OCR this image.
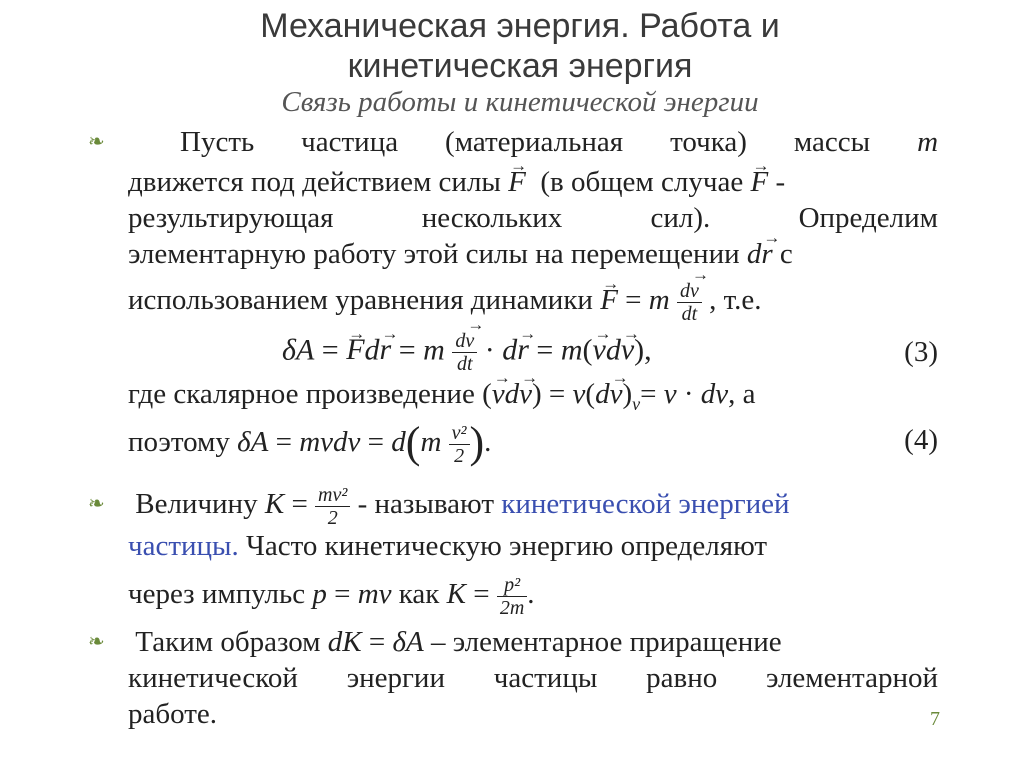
Механическая энергия. Работа и
кинетическая энергия
Связь работы и кинетической энергии
❧	Пусть частица (материальная точка) массы m
движется под действием силы → F (в общем случае → F -
результирующая нескольких сил). Определим
элементарную работу этой силы на перемещении d→ r с
использованием уравнения динамики → F = m $\frac{d\to v}{dt}$ , т.е.
δA = → Fd→ r = m $\frac{d\to v}{dt} \cdot d\to r = m(\to vd\to v)$,	(3)
где скалярное произведение (→ $vd\to v) = v(d\to v)_v= v$ · dv, а
поэтому δA = mvdv = $d(m \frac{\text{v²}}{2}$ ).	(4)
❧	Величину $K = \frac{\text{mv²}}{2}$ - называют кинетической энергией
частицы. Часто кинетическую энергию определяют
через импульс p = mv как $K = \frac{\text{p²}}{2m}$ .
❧	Таким образом dK = δA – элементарное приращение
кинетической энергии частицы равно элементарной
работе.	7
